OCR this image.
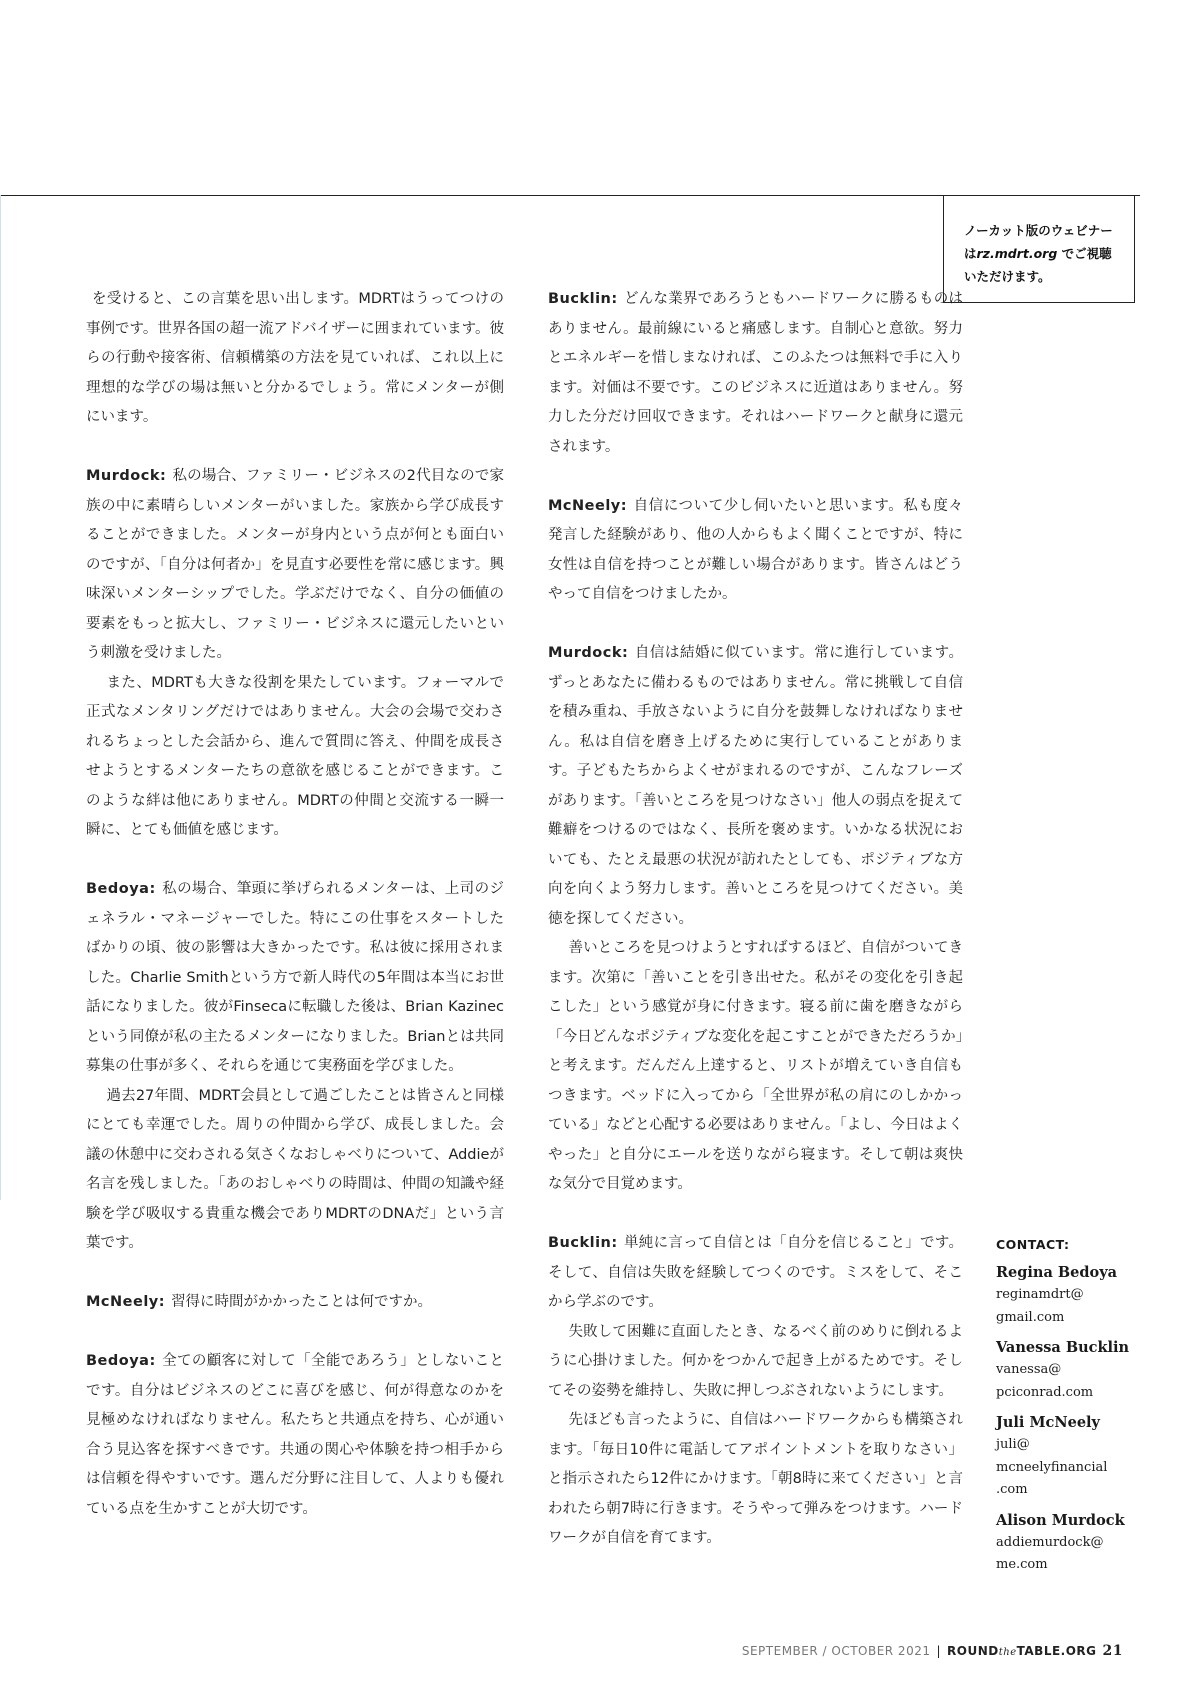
ノーカット版のウェビナーはrz.mdrt.org でご視聴いただけます。

を受けると、この言葉を思い出します。MDRTはうってつけの事例です。世界各国の超一流アドバイザーに囲まれています。彼らの行動や接客術、信頼構築の方法を見ていれば、これ以上に理想的な学びの場は無いと分かるでしょう。常にメンターが側にいます。

Murdock: 私の場合、ファミリー・ビジネスの2代目なので家族の中に素晴らしいメンターがいました。家族から学び成長することができました。メンターが身内という点が何とも面白いのですが、「自分は何者か」を見直す必要性を常に感じます。興味深いメンターシップでした。学ぶだけでなく、自分の価値の要素をもっと拡大し、ファミリー・ビジネスに還元したいという刺激を受けました。

また、MDRTも大きな役割を果たしています。フォーマルで正式なメンタリングだけではありません。大会の会場で交わされるちょっとした会話から、進んで質問に答え、仲間を成長させようとするメンターたちの意欲を感じることができます。このような絆は他にありません。MDRTの仲間と交流する一瞬一瞬に、とても価値を感じます。

Bedoya: 私の場合、筆頭に挙げられるメンターは、上司のジェネラル・マネージャーでした。特にこの仕事をスタートしたばかりの頃、彼の影響は大きかったです。私は彼に採用されました。Charlie Smithという方で新人時代の5年間は本当にお世話になりました。彼がFinsecaに転職した後は、Brian Kazinecという同僚が私の主たるメンターになりました。Brianとは共同募集の仕事が多く、それらを通じて実務面を学びました。

過去27年間、MDRT会員として過ごしたことは皆さんと同様にとても幸運でした。周りの仲間から学び、成長しました。会議の休憩中に交わされる気さくなおしゃべりについて、Addieが名言を残しました。「あのおしゃべりの時間は、仲間の知識や経験を学び吸収する貴重な機会でありMDRTのDNAだ」という言葉です。

McNeely: 習得に時間がかかったことは何ですか。

Bedoya: 全ての顧客に対して「全能であろう」としないことです。自分はビジネスのどこに喜びを感じ、何が得意なのかを見極めなければなりません。私たちと共通点を持ち、心が通い合う見込客を探すべきです。共通の関心や体験を持つ相手からは信頼を得やすいです。選んだ分野に注目して、人よりも優れている点を生かすことが大切です。

Bucklin: どんな業界であろうともハードワークに勝るものはありません。最前線にいると痛感します。自制心と意欲。努力とエネルギーを惜しまなければ、このふたつは無料で手に入ります。対価は不要です。このビジネスに近道はありません。努力した分だけ回収できます。それはハードワークと献身に還元されます。

McNeely: 自信について少し伺いたいと思います。私も度々発言した経験があり、他の人からもよく聞くことですが、特に女性は自信を持つことが難しい場合があります。皆さんはどうやって自信をつけましたか。

Murdock: 自信は結婚に似ています。常に進行しています。ずっとあなたに備わるものではありません。常に挑戦して自信を積み重ね、手放さないように自分を鼓舞しなければなりません。私は自信を磨き上げるために実行していることがあります。子どもたちからよくせがまれるのですが、こんなフレーズがあります。「善いところを見つけなさい」他人の弱点を捉えて難癖をつけるのではなく、長所を褒めます。いかなる状況においても、たとえ最悪の状況が訪れたとしても、ポジティブな方向を向くよう努力します。善いところを見つけてください。美徳を探してください。

善いところを見つけようとすればするほど、自信がついてきます。次第に「善いことを引き出せた。私がその変化を引き起こした」という感覚が身に付きます。寝る前に歯を磨きながら「今日どんなポジティブな変化を起こすことができただろうか」と考えます。だんだん上達すると、リストが増えていき自信もつきます。ベッドに入ってから「全世界が私の肩にのしかかっている」などと心配する必要はありません。「よし、今日はよくやった」と自分にエールを送りながら寝ます。そして朝は爽快な気分で目覚めます。

Bucklin: 単純に言って自信とは「自分を信じること」です。そして、自信は失敗を経験してつくのです。ミスをして、そこから学ぶのです。

失敗して困難に直面したとき、なるべく前のめりに倒れるように心掛けました。何かをつかんで起き上がるためです。そしてその姿勢を維持し、失敗に押しつぶされないようにします。

先ほども言ったように、自信はハードワークからも構築されます。「毎日10件に電話してアポイントメントを取りなさい」と指示されたら12件にかけます。「朝8時に来てください」と言われたら朝7時に行きます。そうやって弾みをつけます。ハードワークが自信を育てます。

CONTACT:
Regina Bedoya
reginamdrt@
gmail.com
Vanessa Bucklin
vanessa@
pciconrad.com
Juli McNeely
juli@
mcneelyfinancial
.com
Alison Murdock
addiemurdock@
me.com
SEPTEMBER / OCTOBER 2021 | ROUNDtheTABLE.ORG 21
